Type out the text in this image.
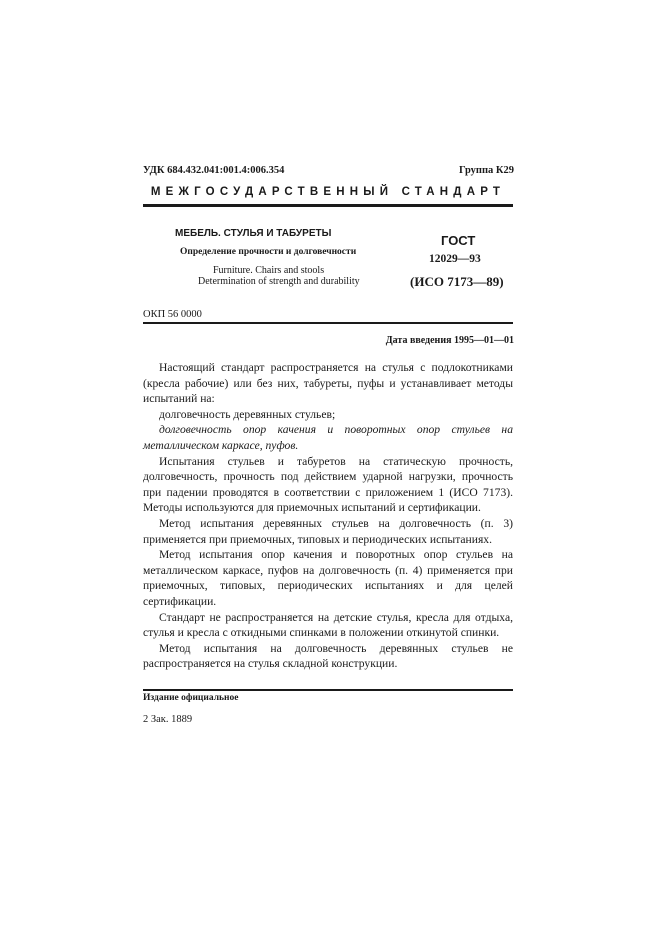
УДК 684.432.041:001.4:006.354	Группа К29
МЕЖГОСУДАРСТВЕННЫЙ СТАНДАРТ
МЕБЕЛЬ. СТУЛЬЯ И ТАБУРЕТЫ
Определение прочности и долговечности
Furniture. Chairs and stools
Determination of strength and durability
ГОСТ
12029—93
(ИСО 7173—89)
ОКП 56 0000
Дата введения 1995—01—01

Настоящий стандарт распространяется на стулья с подлокотниками (кресла рабочие) или без них, табуреты, пуфы и устанавливает методы испытаний на:

долговечность деревянных стульев;

долговечность опор качения и поворотных опор стульев на металлическом каркасе, пуфов.

Испытания стульев и табуретов на статическую прочность, долговечность, прочность под действием ударной нагрузки, прочность при падении проводятся в соответствии с приложением 1 (ИСО 7173). Методы используются для приемочных испытаний и сертификации.

Метод испытания деревянных стульев на долговечность (п. 3) применяется при приемочных, типовых и периодических испытаниях.

Метод испытания опор качения и поворотных опор стульев на металлическом каркасе, пуфов на долговечность (п. 4) применяется при приемочных, типовых, периодических испытаниях и для целей сертификации.

Стандарт не распространяется на детские стулья, кресла для отдыха, стулья и кресла с откидными спинками в положении откинутой спинки.

Метод испытания на долговечность деревянных стульев не распространяется на стулья складной конструкции.

Издание официальное
2 Зак. 1889
